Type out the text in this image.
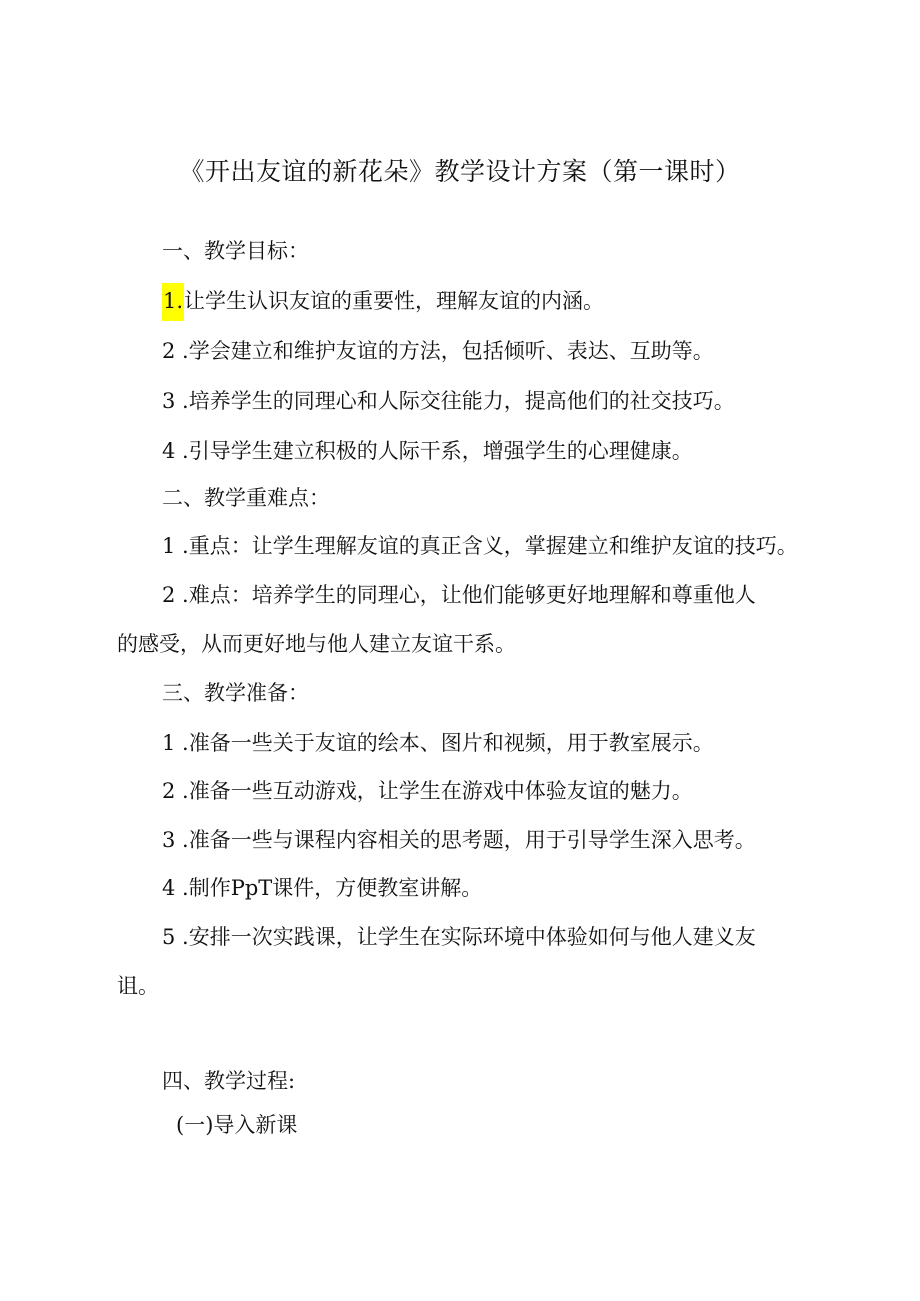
《开出友谊的新花朵》教学设计方案（第一课时）
一、教学目标：
1.让学生认识友谊的重要性，理解友谊的内涵。
2 .学会建立和维护友谊的方法，包括倾听、表达、互助等。
3 .培养学生的同理心和人际交往能力，提高他们的社交技巧。
4 .引导学生建立积极的人际干系，增强学生的心理健康。
二、教学重难点：
1 .重点：让学生理解友谊的真正含义，掌握建立和维护友谊的技巧。
2 .难点：培养学生的同理心，让他们能够更好地理解和尊重他人
的感受，从而更好地与他人建立友谊干系。
三、教学准备：
1 .准备一些关于友谊的绘本、图片和视频，用于教室展示。
2 .准备一些互动游戏，让学生在游戏中体验友谊的魅力。
3 .准备一些与课程内容相关的思考题，用于引导学生深入思考。
4 .制作PpT课件，方便教室讲解。
5 .安排一次实践课，让学生在实际环境中体验如何与他人建义友
诅。
四、教学过程:
(一)导入新课
